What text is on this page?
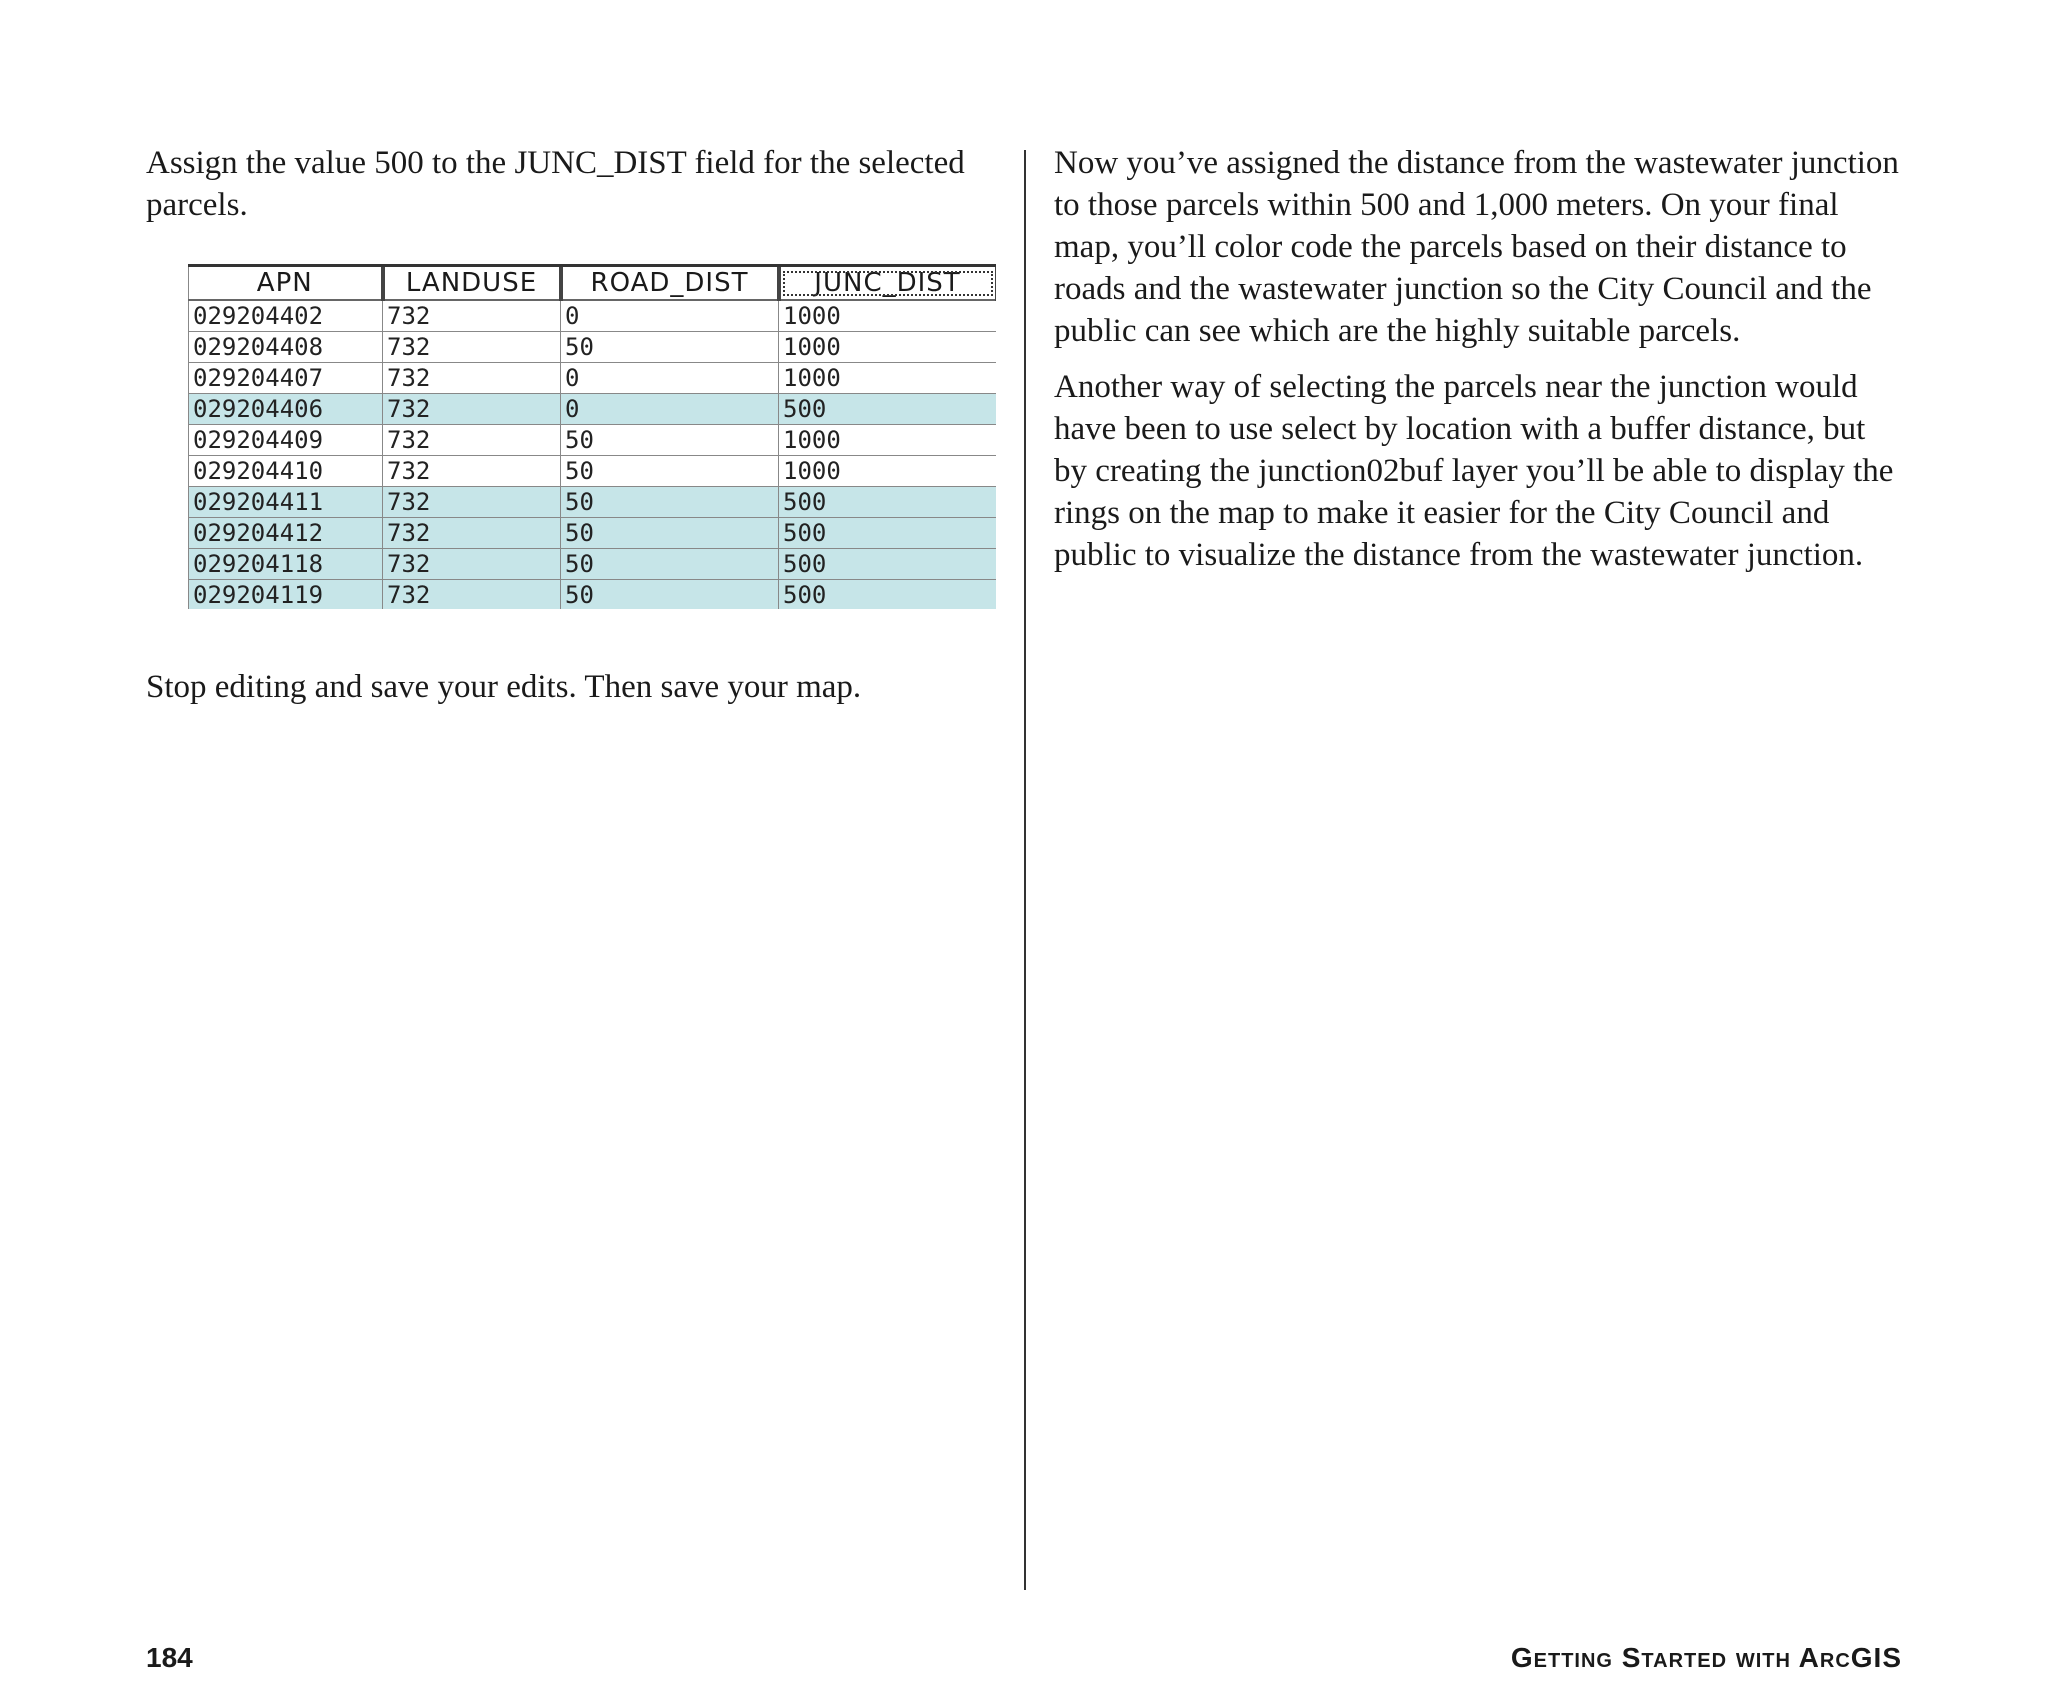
Assign the value 500 to the JUNC_DIST field for the selected parcels.

APN	LANDUSE	ROAD_DIST	JUNC_DIST
029204402	732	0	1000
029204408	732	50	1000
029204407	732	0	1000
029204406	732	0	500
029204409	732	50	1000
029204410	732	50	1000
029204411	732	50	500
029204412	732	50	500
029204118	732	50	500
029204119	732	50	500

Stop editing and save your edits. Then save your map.

Now you’ve assigned the distance from the wastewater junction to those parcels within 500 and 1,000 meters. On your final map, you’ll color code the parcels based on their distance to roads and the wastewater junction so the City Council and the public can see which are the highly suitable parcels.

Another way of selecting the parcels near the junction would have been to use select by location with a buffer distance, but by creating the junction02buf layer you’ll be able to display the rings on the map to make it easier for the City Council and public to visualize the distance from the wastewater junction.

184	Getting Started with ArcGIS
